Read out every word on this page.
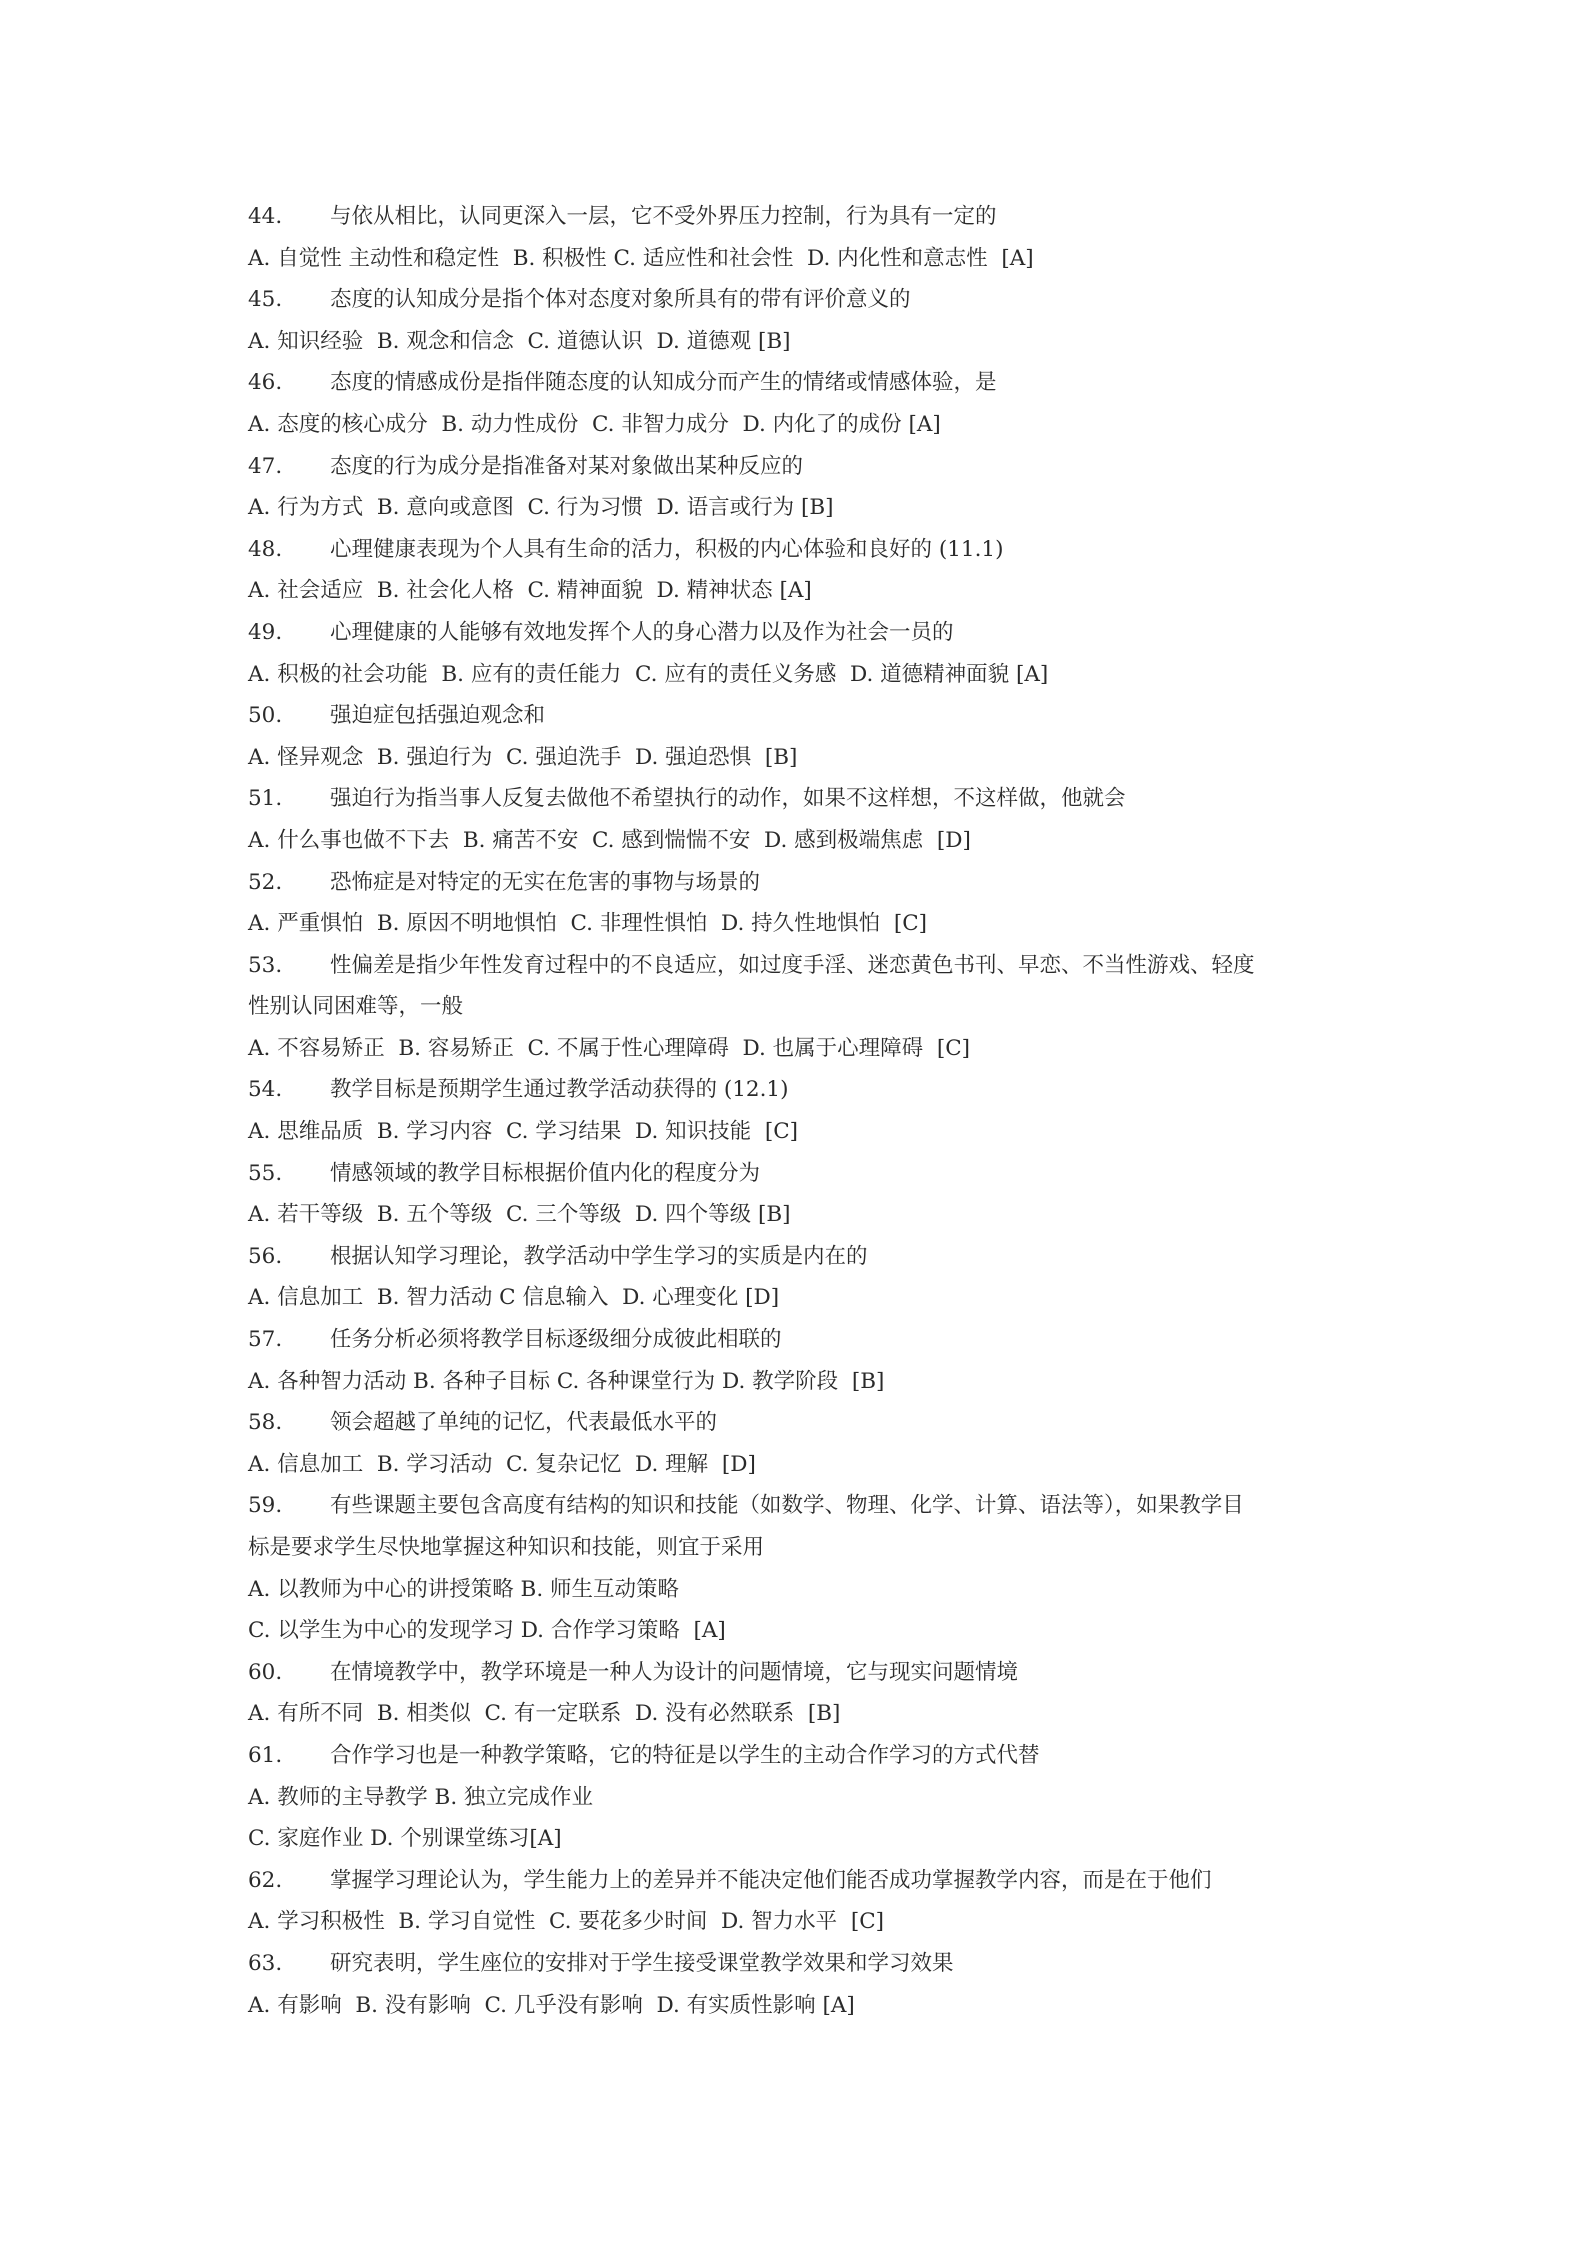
44.	与依从相比，认同更深入一层，它不受外界压力控制，行为具有一定的
A. 自觉性 主动性和稳定性  B. 积极性 C. 适应性和社会性  D. 内化性和意志性  [A]
45.	态度的认知成分是指个体对态度对象所具有的带有评价意义的
A. 知识经验  B. 观念和信念  C. 道德认识  D. 道德观 [B]
46.	态度的情感成份是指伴随态度的认知成分而产生的情绪或情感体验，是
A. 态度的核心成分  B. 动力性成份  C. 非智力成分  D. 内化了的成份 [A]
47.	态度的行为成分是指准备对某对象做出某种反应的
A. 行为方式  B. 意向或意图  C. 行为习惯  D. 语言或行为 [B]
48.	心理健康表现为个人具有生命的活力，积极的内心体验和良好的 (11.1)
A. 社会适应  B. 社会化人格  C. 精神面貌  D. 精神状态 [A]
49.	心理健康的人能够有效地发挥个人的身心潜力以及作为社会一员的
A. 积极的社会功能  B. 应有的责任能力  C. 应有的责任义务感  D. 道德精神面貌 [A]
50.	强迫症包括强迫观念和
A. 怪异观念  B. 强迫行为  C. 强迫洗手  D. 强迫恐惧  [B]
51.	强迫行为指当事人反复去做他不希望执行的动作，如果不这样想，不这样做，他就会
A. 什么事也做不下去  B. 痛苦不安  C. 感到惴惴不安  D. 感到极端焦虑  [D]
52.	恐怖症是对特定的无实在危害的事物与场景的
A. 严重惧怕  B. 原因不明地惧怕  C. 非理性惧怕  D. 持久性地惧怕  [C]
53.	性偏差是指少年性发育过程中的不良适应，如过度手淫、迷恋黄色书刊、早恋、不当性游戏、轻度
性别认同困难等，一般
A. 不容易矫正  B. 容易矫正  C. 不属于性心理障碍  D. 也属于心理障碍  [C]
54.	教学目标是预期学生通过教学活动获得的 (12.1)
A. 思维品质  B. 学习内容  C. 学习结果  D. 知识技能  [C]
55.	情感领域的教学目标根据价值内化的程度分为
A. 若干等级  B. 五个等级  C. 三个等级  D. 四个等级 [B]
56.	根据认知学习理论，教学活动中学生学习的实质是内在的
A. 信息加工  B. 智力活动 C 信息输入  D. 心理变化 [D]
57.	任务分析必须将教学目标逐级细分成彼此相联的
A. 各种智力活动 B. 各种子目标 C. 各种课堂行为 D. 教学阶段  [B]
58.	领会超越了单纯的记忆，代表最低水平的
A. 信息加工  B. 学习活动  C. 复杂记忆  D. 理解  [D]
59.	有些课题主要包含高度有结构的知识和技能（如数学、物理、化学、计算、语法等），如果教学目
标是要求学生尽快地掌握这种知识和技能，则宜于采用
A. 以教师为中心的讲授策略 B. 师生互动策略
C. 以学生为中心的发现学习 D. 合作学习策略  [A]
60.	在情境教学中，教学环境是一种人为设计的问题情境，它与现实问题情境
A. 有所不同  B. 相类似  C. 有一定联系  D. 没有必然联系  [B]
61.	合作学习也是一种教学策略，它的特征是以学生的主动合作学习的方式代替
A. 教师的主导教学 B. 独立完成作业
C. 家庭作业 D. 个别课堂练习[A]
62.	掌握学习理论认为，学生能力上的差异并不能决定他们能否成功掌握教学内容，而是在于他们
A. 学习积极性  B. 学习自觉性  C. 要花多少时间  D. 智力水平  [C]
63.	研究表明，学生座位的安排对于学生接受课堂教学效果和学习效果
A. 有影响  B. 没有影响  C. 几乎没有影响  D. 有实质性影响 [A]
